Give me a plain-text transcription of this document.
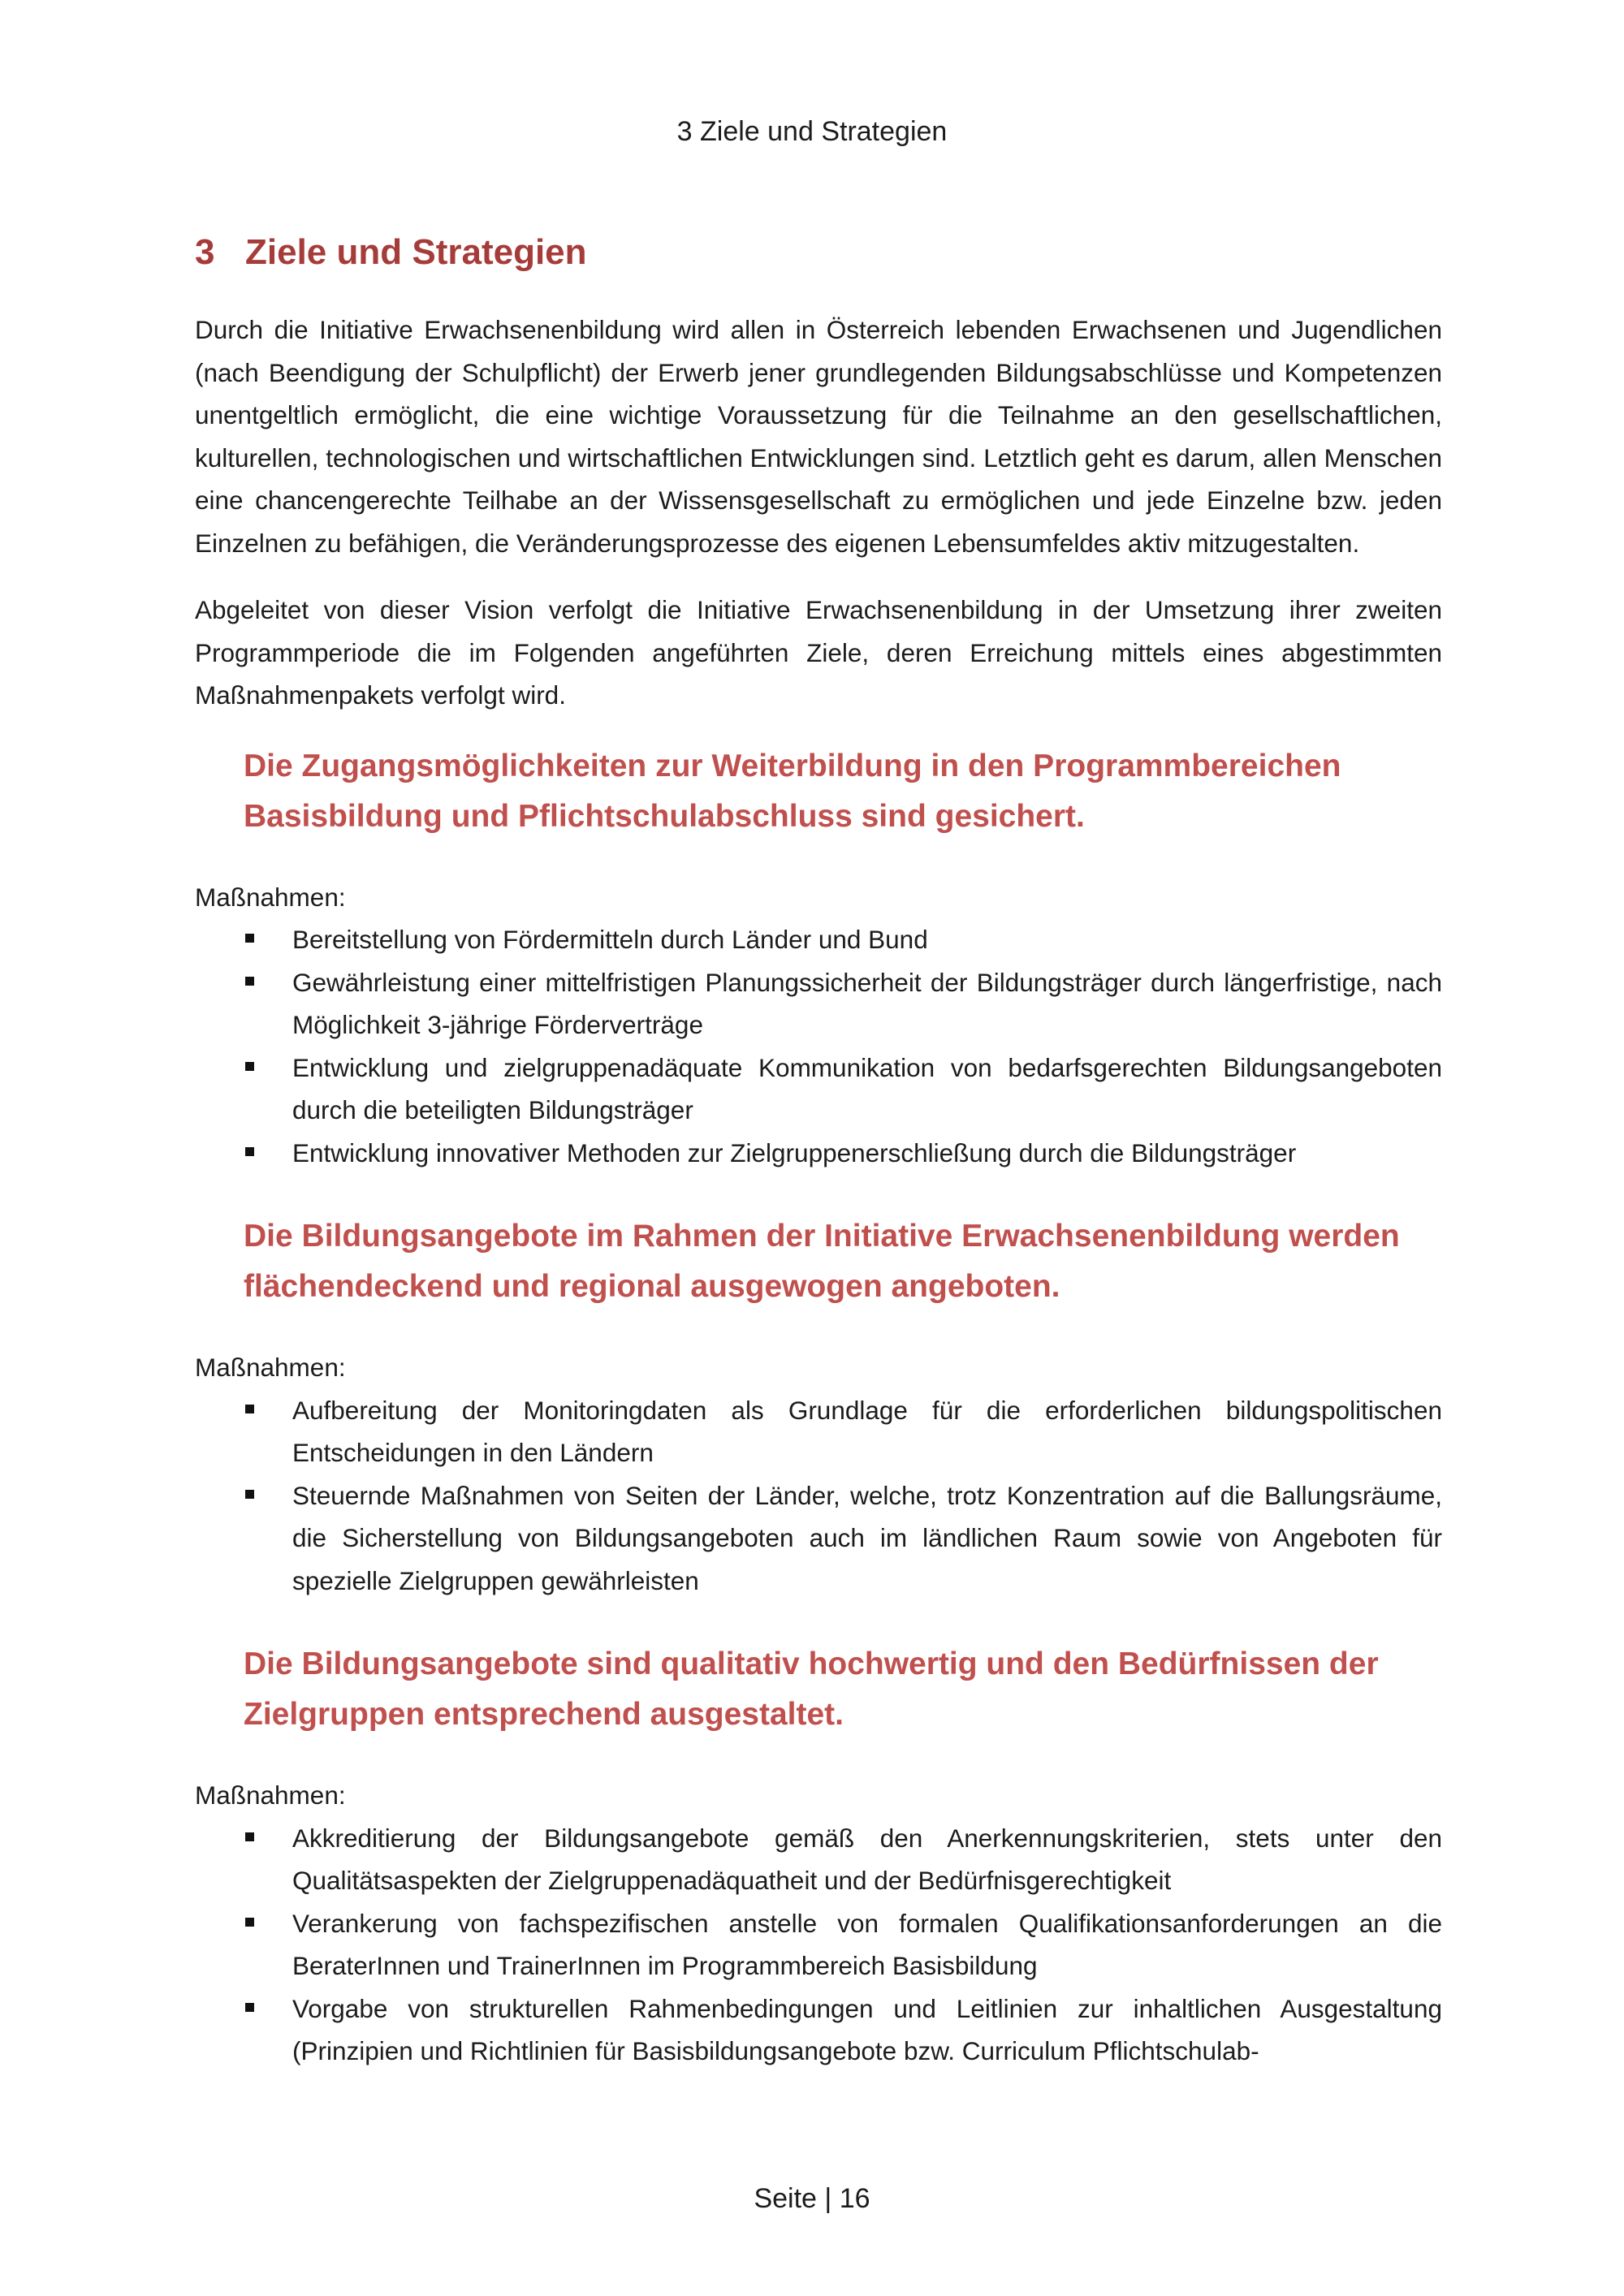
3 Ziele und Strategien
3 Ziele und Strategien

Durch die Initiative Erwachsenenbildung wird allen in Österreich lebenden Erwachsenen und Jugendlichen (nach Beendigung der Schulpflicht) der Erwerb jener grundlegenden Bildungsabschlüsse und Kompetenzen unentgeltlich ermöglicht, die eine wichtige Voraussetzung für die Teilnahme an den gesellschaftlichen, kulturellen, technologischen und wirtschaftlichen Entwicklungen sind. Letztlich geht es darum, allen Menschen eine chancengerechte Teilhabe an der Wissensgesellschaft zu ermöglichen und jede Einzelne bzw. jeden Einzelnen zu befähigen, die Veränderungsprozesse des eigenen Lebensumfeldes aktiv mitzugestalten.

Abgeleitet von dieser Vision verfolgt die Initiative Erwachsenenbildung in der Umsetzung ihrer zweiten Programmperiode die im Folgenden angeführten Ziele, deren Erreichung mittels eines abgestimmten Maßnahmenpakets verfolgt wird.

Die Zugangsmöglichkeiten zur Weiterbildung in den Programmbereichen Basisbildung und Pflichtschulabschluss sind gesichert.
Maßnahmen:
Bereitstellung von Fördermitteln durch Länder und Bund
Gewährleistung einer mittelfristigen Planungssicherheit der Bildungsträger durch längerfristige, nach Möglichkeit 3-jährige Förderverträge
Entwicklung und zielgruppenadäquate Kommunikation von bedarfsgerechten Bildungsangeboten durch die beteiligten Bildungsträger
Entwicklung innovativer Methoden zur Zielgruppenerschließung durch die Bildungsträger
Die Bildungsangebote im Rahmen der Initiative Erwachsenenbildung werden flächendeckend und regional ausgewogen angeboten.
Maßnahmen:
Aufbereitung der Monitoringdaten als Grundlage für die erforderlichen bildungspolitischen Entscheidungen in den Ländern
Steuernde Maßnahmen von Seiten der Länder, welche, trotz Konzentration auf die Ballungsräume, die Sicherstellung von Bildungsangeboten auch im ländlichen Raum sowie von Angeboten für spezielle Zielgruppen gewährleisten
Die Bildungsangebote sind qualitativ hochwertig und den Bedürfnissen der Zielgruppen entsprechend ausgestaltet.
Maßnahmen:
Akkreditierung der Bildungsangebote gemäß den Anerkennungskriterien, stets unter den Qualitätsaspekten der Zielgruppenadäquatheit und der Bedürfnisgerechtigkeit
Verankerung von fachspezifischen anstelle von formalen Qualifikationsanforderungen an die BeraterInnen und TrainerInnen im Programmbereich Basisbildung
Vorgabe von strukturellen Rahmenbedingungen und Leitlinien zur inhaltlichen Ausgestaltung (Prinzipien und Richtlinien für Basisbildungsangebote bzw. Curriculum Pflichtschulab-
Seite | 16
